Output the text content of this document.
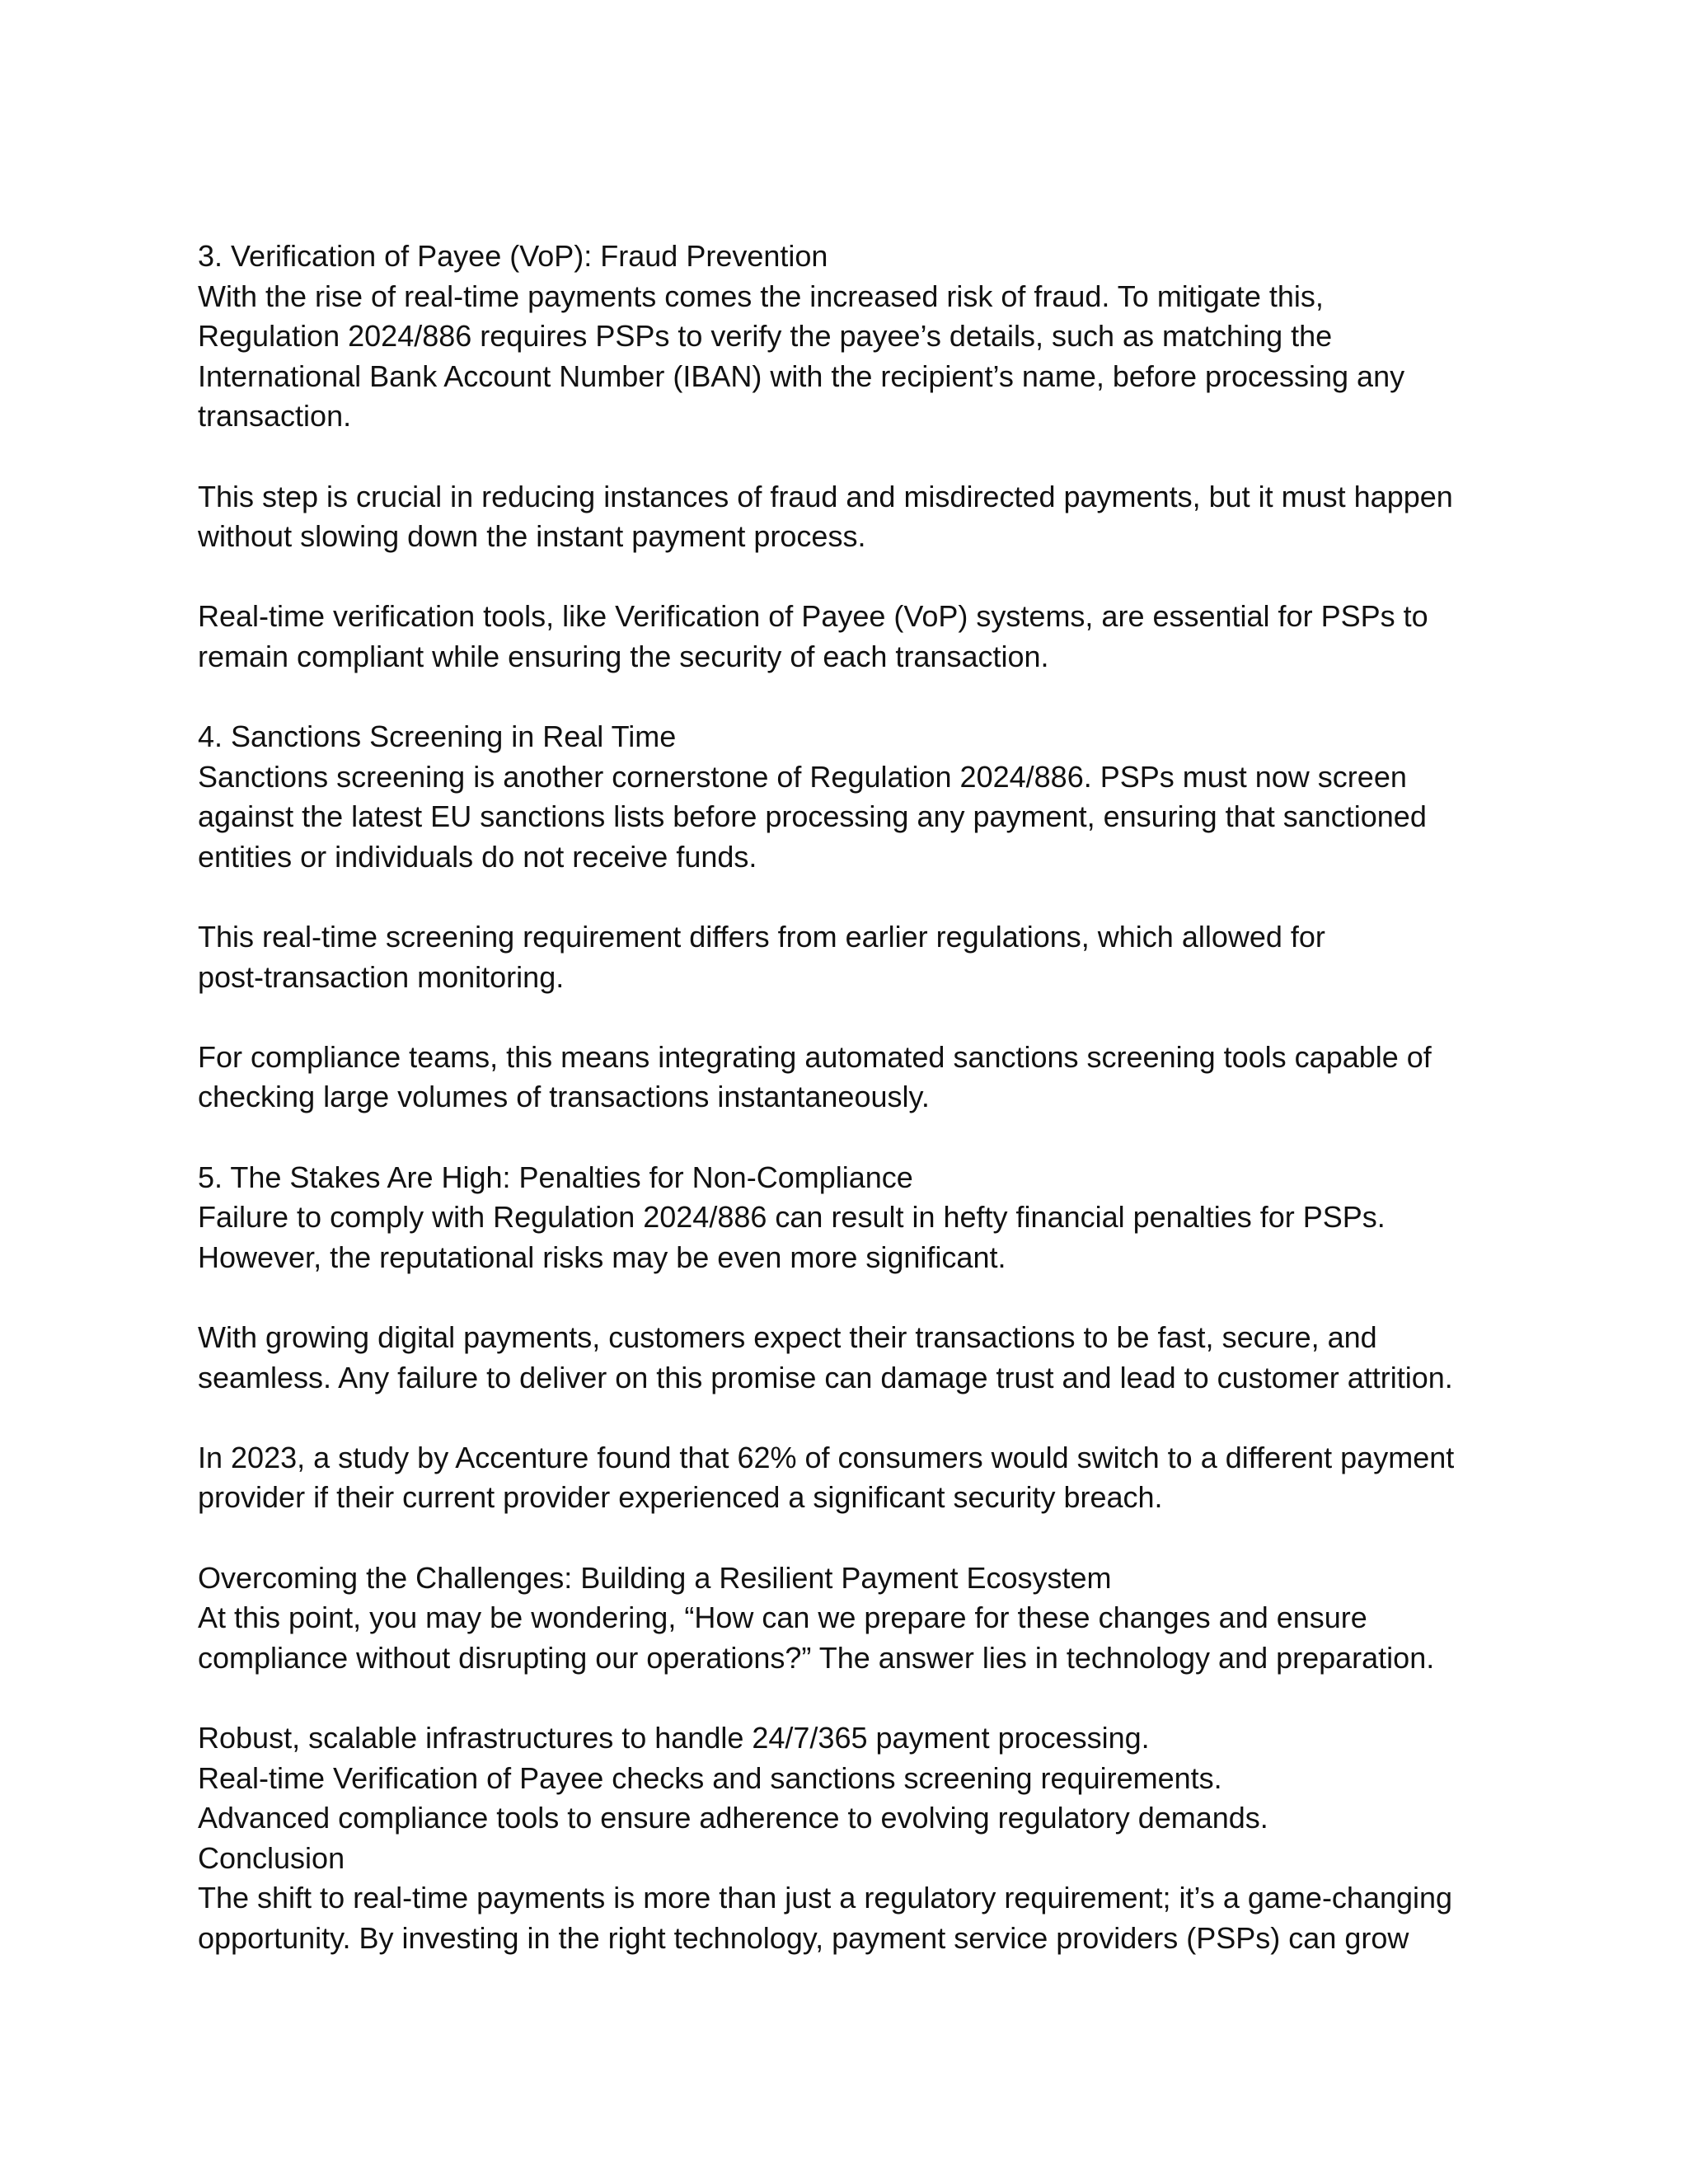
3. Verification of Payee (VoP): Fraud Prevention
With the rise of real-time payments comes the increased risk of fraud. To mitigate this,
Regulation 2024/886 requires PSPs to verify the payee’s details, such as matching the
International Bank Account Number (IBAN) with the recipient’s name, before processing any
transaction.
This step is crucial in reducing instances of fraud and misdirected payments, but it must happen
without slowing down the instant payment process.
Real-time verification tools, like Verification of Payee (VoP) systems, are essential for PSPs to
remain compliant while ensuring the security of each transaction.
4. Sanctions Screening in Real Time
Sanctions screening is another cornerstone of Regulation 2024/886. PSPs must now screen
against the latest EU sanctions lists before processing any payment, ensuring that sanctioned
entities or individuals do not receive funds.
This real-time screening requirement differs from earlier regulations, which allowed for
post-transaction monitoring.
For compliance teams, this means integrating automated sanctions screening tools capable of
checking large volumes of transactions instantaneously.
5. The Stakes Are High: Penalties for Non-Compliance
Failure to comply with Regulation 2024/886 can result in hefty financial penalties for PSPs.
However, the reputational risks may be even more significant.
With growing digital payments, customers expect their transactions to be fast, secure, and
seamless. Any failure to deliver on this promise can damage trust and lead to customer attrition.
In 2023, a study by Accenture found that 62% of consumers would switch to a different payment
provider if their current provider experienced a significant security breach.
Overcoming the Challenges: Building a Resilient Payment Ecosystem
At this point, you may be wondering, “How can we prepare for these changes and ensure
compliance without disrupting our operations?” The answer lies in technology and preparation.
Robust, scalable infrastructures to handle 24/7/365 payment processing.
Real-time Verification of Payee checks and sanctions screening requirements.
Advanced compliance tools to ensure adherence to evolving regulatory demands.
Conclusion
The shift to real-time payments is more than just a regulatory requirement; it’s a game-changing
opportunity. By investing in the right technology, payment service providers (PSPs) can grow
